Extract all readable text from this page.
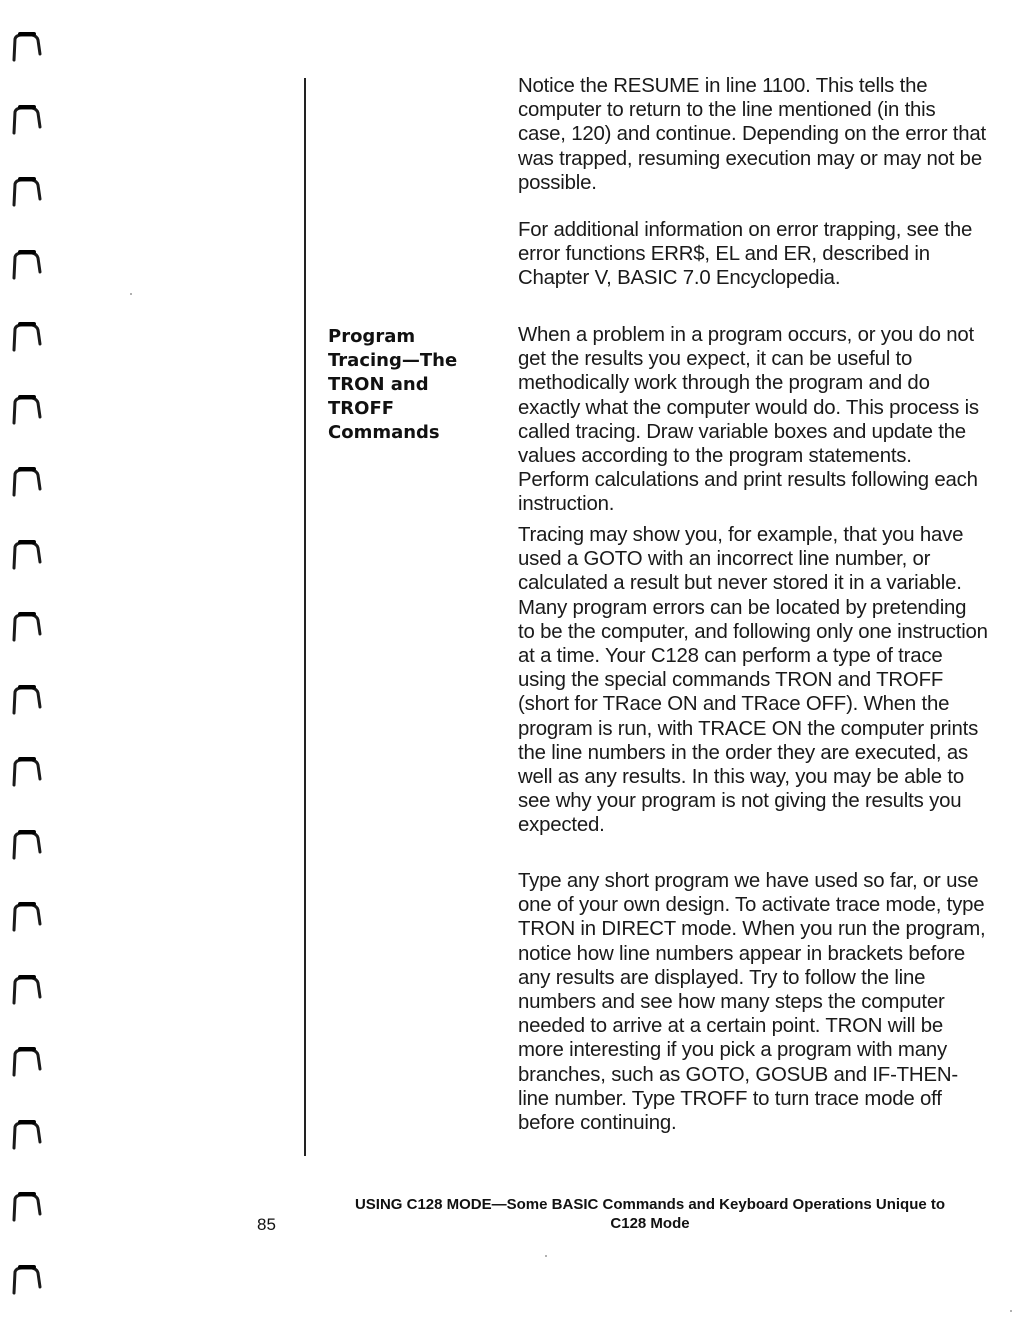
Program
Tracing—The
TRON and
TROFF
Commands

Notice the RESUME in line 1100. This tells the computer to return to the line mentioned (in this case, 120) and continue. Depending on the error that was trapped, resuming execution may or may not be possible.

For additional information on error trapping, see the error functions ERR$, EL and ER, described in Chapter V, BASIC 7.0 Encyclopedia.

When a problem in a program occurs, or you do not get the results you expect, it can be useful to methodically work through the program and do exactly what the computer would do. This process is called tracing. Draw variable boxes and update the values according to the program statements. Perform calculations and print results following each instruction.

Tracing may show you, for example, that you have used a GOTO with an incorrect line number, or calculated a result but never stored it in a variable. Many program errors can be located by pretending to be the computer, and following only one instruction at a time. Your C128 can perform a type of trace using the special commands TRON and TROFF (short for TRace ON and TRace OFF). When the program is run, with TRACE ON the computer prints the line numbers in the order they are executed, as well as any results. In this way, you may be able to see why your program is not giving the results you expected.

Type any short program we have used so far, or use one of your own design. To activate trace mode, type TRON in DIRECT mode. When you run the program, notice how line numbers appear in brackets before any results are displayed. Try to follow the line numbers and see how many steps the computer needed to arrive at a certain point. TRON will be more interesting if you pick a program with many branches, such as GOTO, GOSUB and IF-THEN-line number. Type TROFF to turn trace mode off before continuing.

USING C128 MODE—Some BASIC Commands and Keyboard Operations Unique to
C128 Mode
85
